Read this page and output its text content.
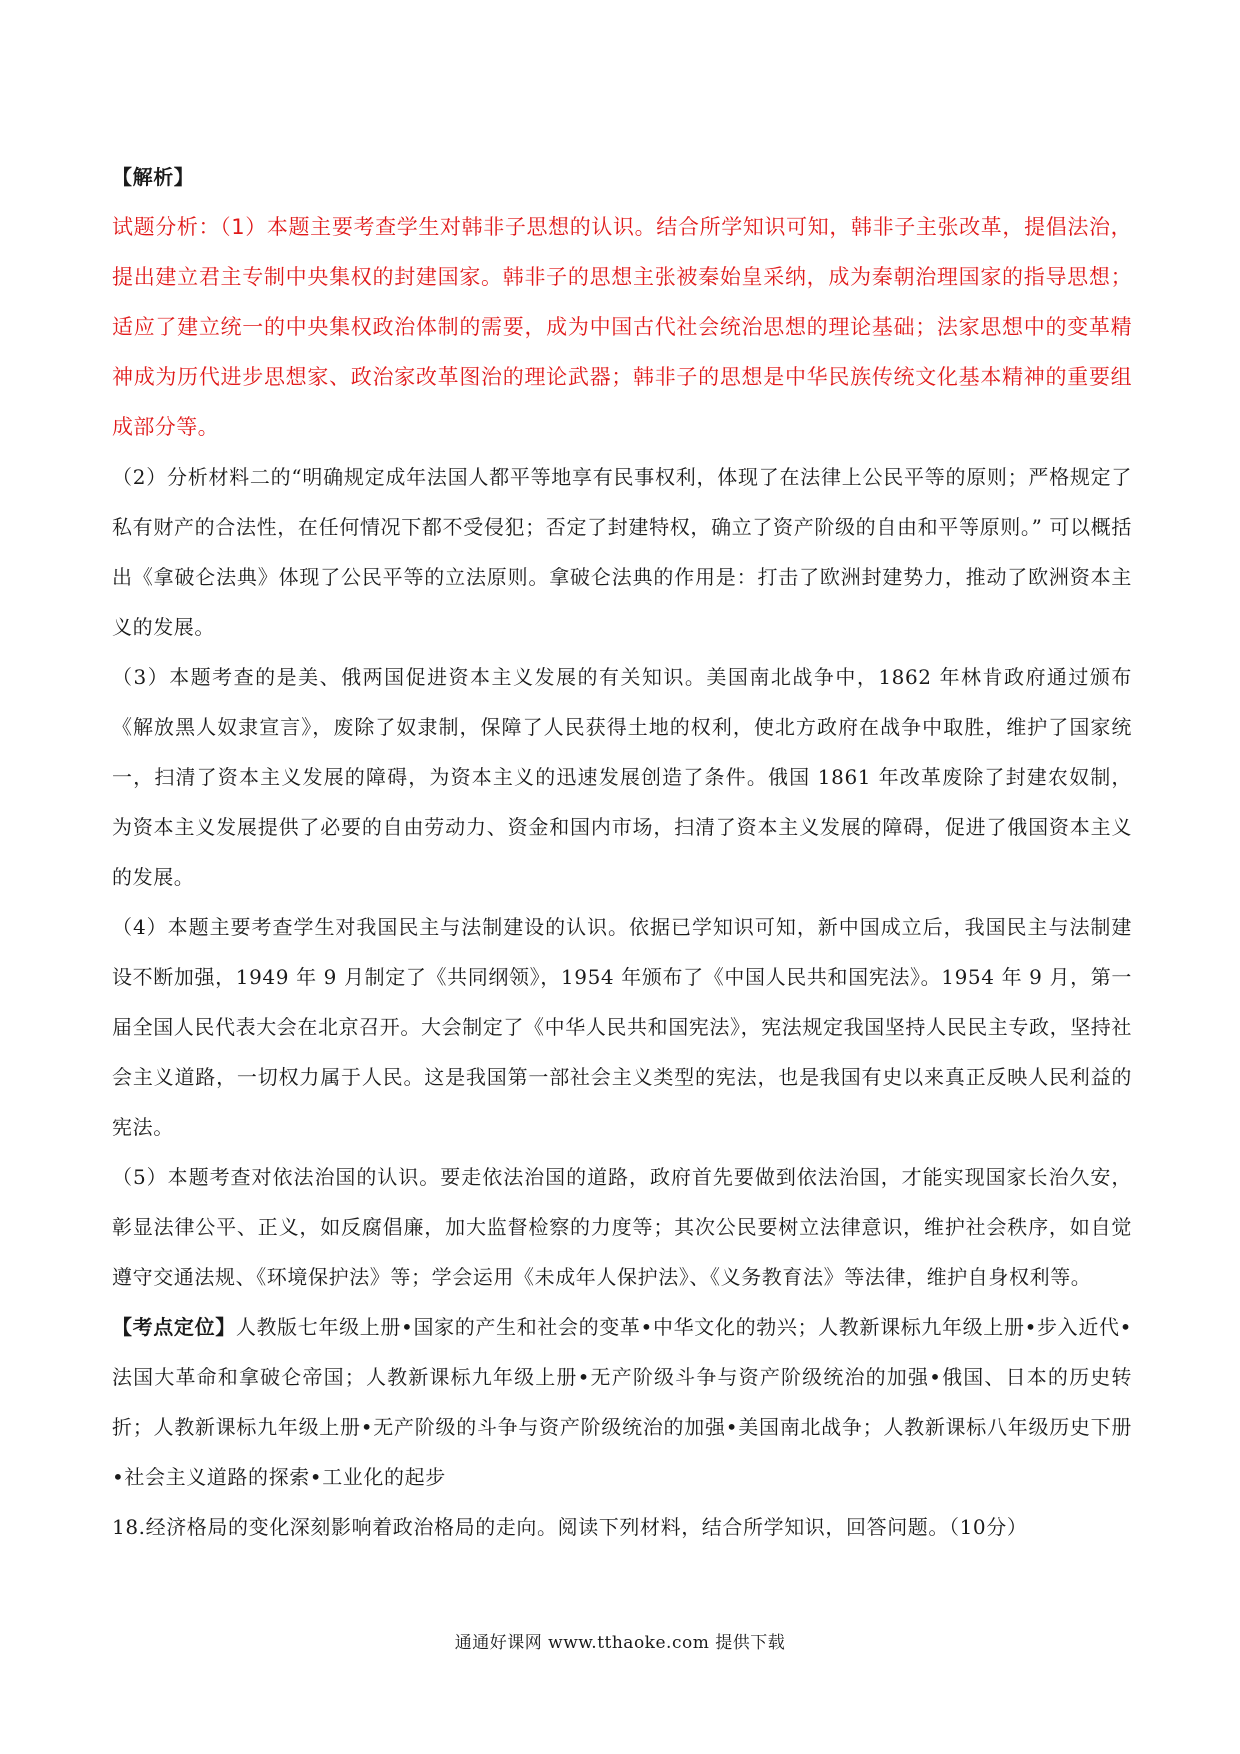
【解析】

试题分析：（1）本题主要考查学生对韩非子思想的认识。结合所学知识可知，韩非子主张改革，提倡法治，提出建立君主专制中央集权的封建国家。韩非子的思想主张被秦始皇采纳，成为秦朝治理国家的指导思想；适应了建立统一的中央集权政治体制的需要，成为中国古代社会统治思想的理论基础；法家思想中的变革精神成为历代进步思想家、政治家改革图治的理论武器；韩非子的思想是中华民族传统文化基本精神的重要组成部分等。

（2）分析材料二的“明确规定成年法国人都平等地享有民事权利，体现了在法律上公民平等的原则；严格规定了私有财产的合法性，在任何情况下都不受侵犯；否定了封建特权，确立了资产阶级的自由和平等原则。” 可以概括出《拿破仑法典》体现了公民平等的立法原则。拿破仑法典的作用是：打击了欧洲封建势力，推动了欧洲资本主义的发展。

（3）本题考查的是美、俄两国促进资本主义发展的有关知识。美国南北战争中，1862 年林肯政府通过颁布《解放黑人奴隶宣言》，废除了奴隶制，保障了人民获得土地的权利，使北方政府在战争中取胜，维护了国家统一，扫清了资本主义发展的障碍，为资本主义的迅速发展创造了条件。俄国 1861 年改革废除了封建农奴制， 为资本主义发展提供了必要的自由劳动力、资金和国内市场，扫清了资本主义发展的障碍，促进了俄国资本主义的发展。

（4）本题主要考查学生对我国民主与法制建设的认识。依据已学知识可知，新中国成立后，我国民主与法制建设不断加强，1949 年 9 月制定了《共同纲领》，1954 年颁布了《中国人民共和国宪法》。1954 年 9 月，第一届全国人民代表大会在北京召开。大会制定了《中华人民共和国宪法》，宪法规定我国坚持人民民主专政，坚持社会主义道路，一切权力属于人民。这是我国第一部社会主义类型的宪法，也是我国有史以来真正反映人民利益的宪法。

（5）本题考查对依法治国的认识。要走依法治国的道路，政府首先要做到依法治国，才能实现国家长治久安，彰显法律公平、正义，如反腐倡廉，加大监督检察的力度等；其次公民要树立法律意识，维护社会秩序，如自觉遵守交通法规、《环境保护法》等；学会运用《未成年人保护法》、《义务教育法》等法律，维护自身权利等。

【考点定位】人教版七年级上册•国家的产生和社会的变革•中华文化的勃兴；人教新课标九年级上册•步入近代•法国大革命和拿破仑帝国；人教新课标九年级上册•无产阶级斗争与资产阶级统治的加强•俄国、日本的历史转折；人教新课标九年级上册•无产阶级的斗争与资产阶级统治的加强•美国南北战争；人教新课标八年级历史下册•社会主义道路的探索•工业化的起步

18.经济格局的变化深刻影响着政治格局的走向。阅读下列材料，结合所学知识，回答问题。（10分）

通通好课网 www.tthaoke.com 提供下载
